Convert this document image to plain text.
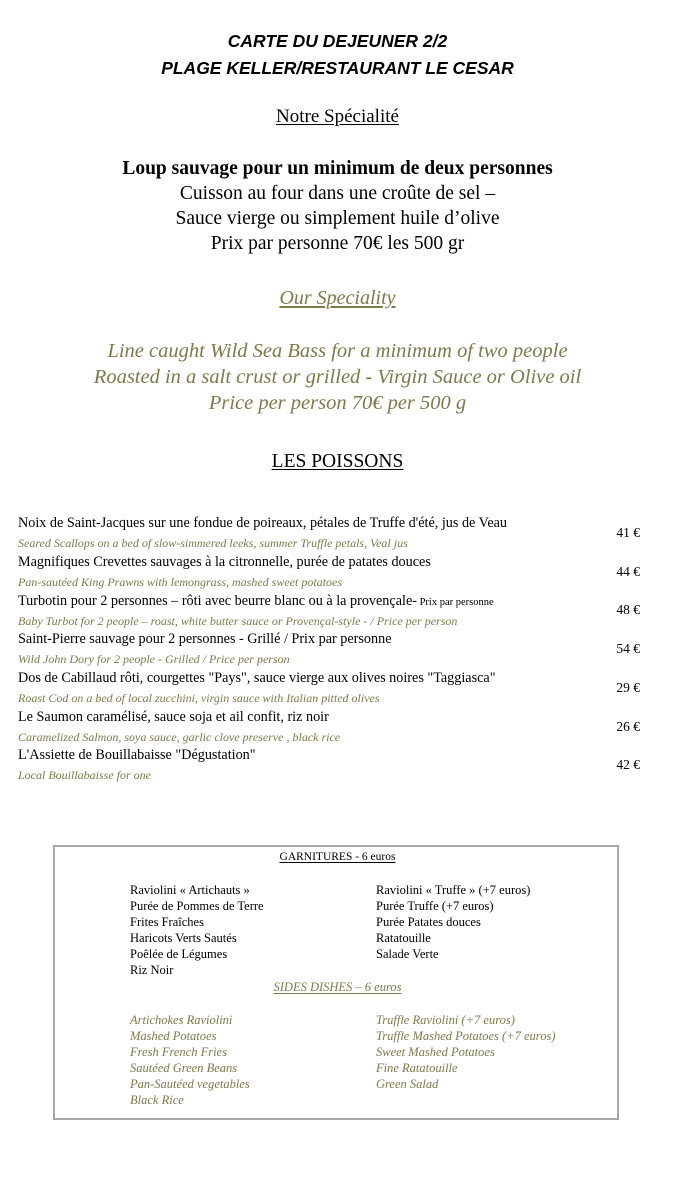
CARTE DU DEJEUNER 2/2
PLAGE KELLER/RESTAURANT LE CESAR
Notre Spécialité
Loup sauvage pour un minimum de deux personnes
Cuisson au four dans une croûte de sel –
Sauce vierge ou simplement huile d’olive
Prix par personne 70€ les 500 gr
Our Speciality
Line caught Wild Sea Bass for a minimum of two people
Roasted in a salt crust or grilled - Virgin Sauce or Olive oil
Price per person 70€ per 500 g
LES POISSONS
Noix de Saint-Jacques sur une fondue de poireaux, pétales de Truffe d'été, jus de Veau
Seared Scallops on a bed of slow-simmered leeks, summer Truffle petals, Veal jus
41 €
Magnifiques Crevettes sauvages à la citronnelle, purée de patates douces
Pan-sautéed King Prawns with lemongrass, mashed sweet potatoes
44 €
Turbotin pour 2 personnes – rôti avec beurre blanc ou à la provençale- Prix par personne
Baby Turbot for 2 people – roast, white butter sauce or Provençal-style - / Price per person
48 €
Saint-Pierre sauvage pour 2 personnes - Grillé / Prix par personne
Wild John Dory for 2 people - Grilled / Price per person
54 €
Dos de Cabillaud rôti, courgettes "Pays", sauce vierge aux olives noires "Taggiasca"
Roast Cod on a bed of local zucchini, virgin sauce with Italian pitted olives
29 €
Le Saumon caramélisé, sauce soja et ail confit, riz noir
Caramelized Salmon, soya sauce, garlic clove preserve , black rice
26 €
L'Assiette de Bouillabaisse "Dégustation"
Local Bouillabaisse for one
42 €
GARNITURES - 6 euros
Raviolini « Artichauts »
Purée de Pommes de Terre
Frites Fraîches
Haricots Verts Sautés
Poêlée de Légumes
Riz Noir
Raviolini « Truffe » (+7 euros)
Purée Truffe (+7 euros)
Purée Patates douces
Ratatouille
Salade Verte
SIDES DISHES – 6 euros
Artichokes Raviolini
Mashed Potatoes
Fresh French Fries
Sautéed Green Beans
Pan-Sautéed vegetables
Black Rice
Truffle Raviolini (+7 euros)
Truffle Mashed Potatoes (+7 euros)
Sweet Mashed Potatoes
Fine Ratatouille
Green Salad
